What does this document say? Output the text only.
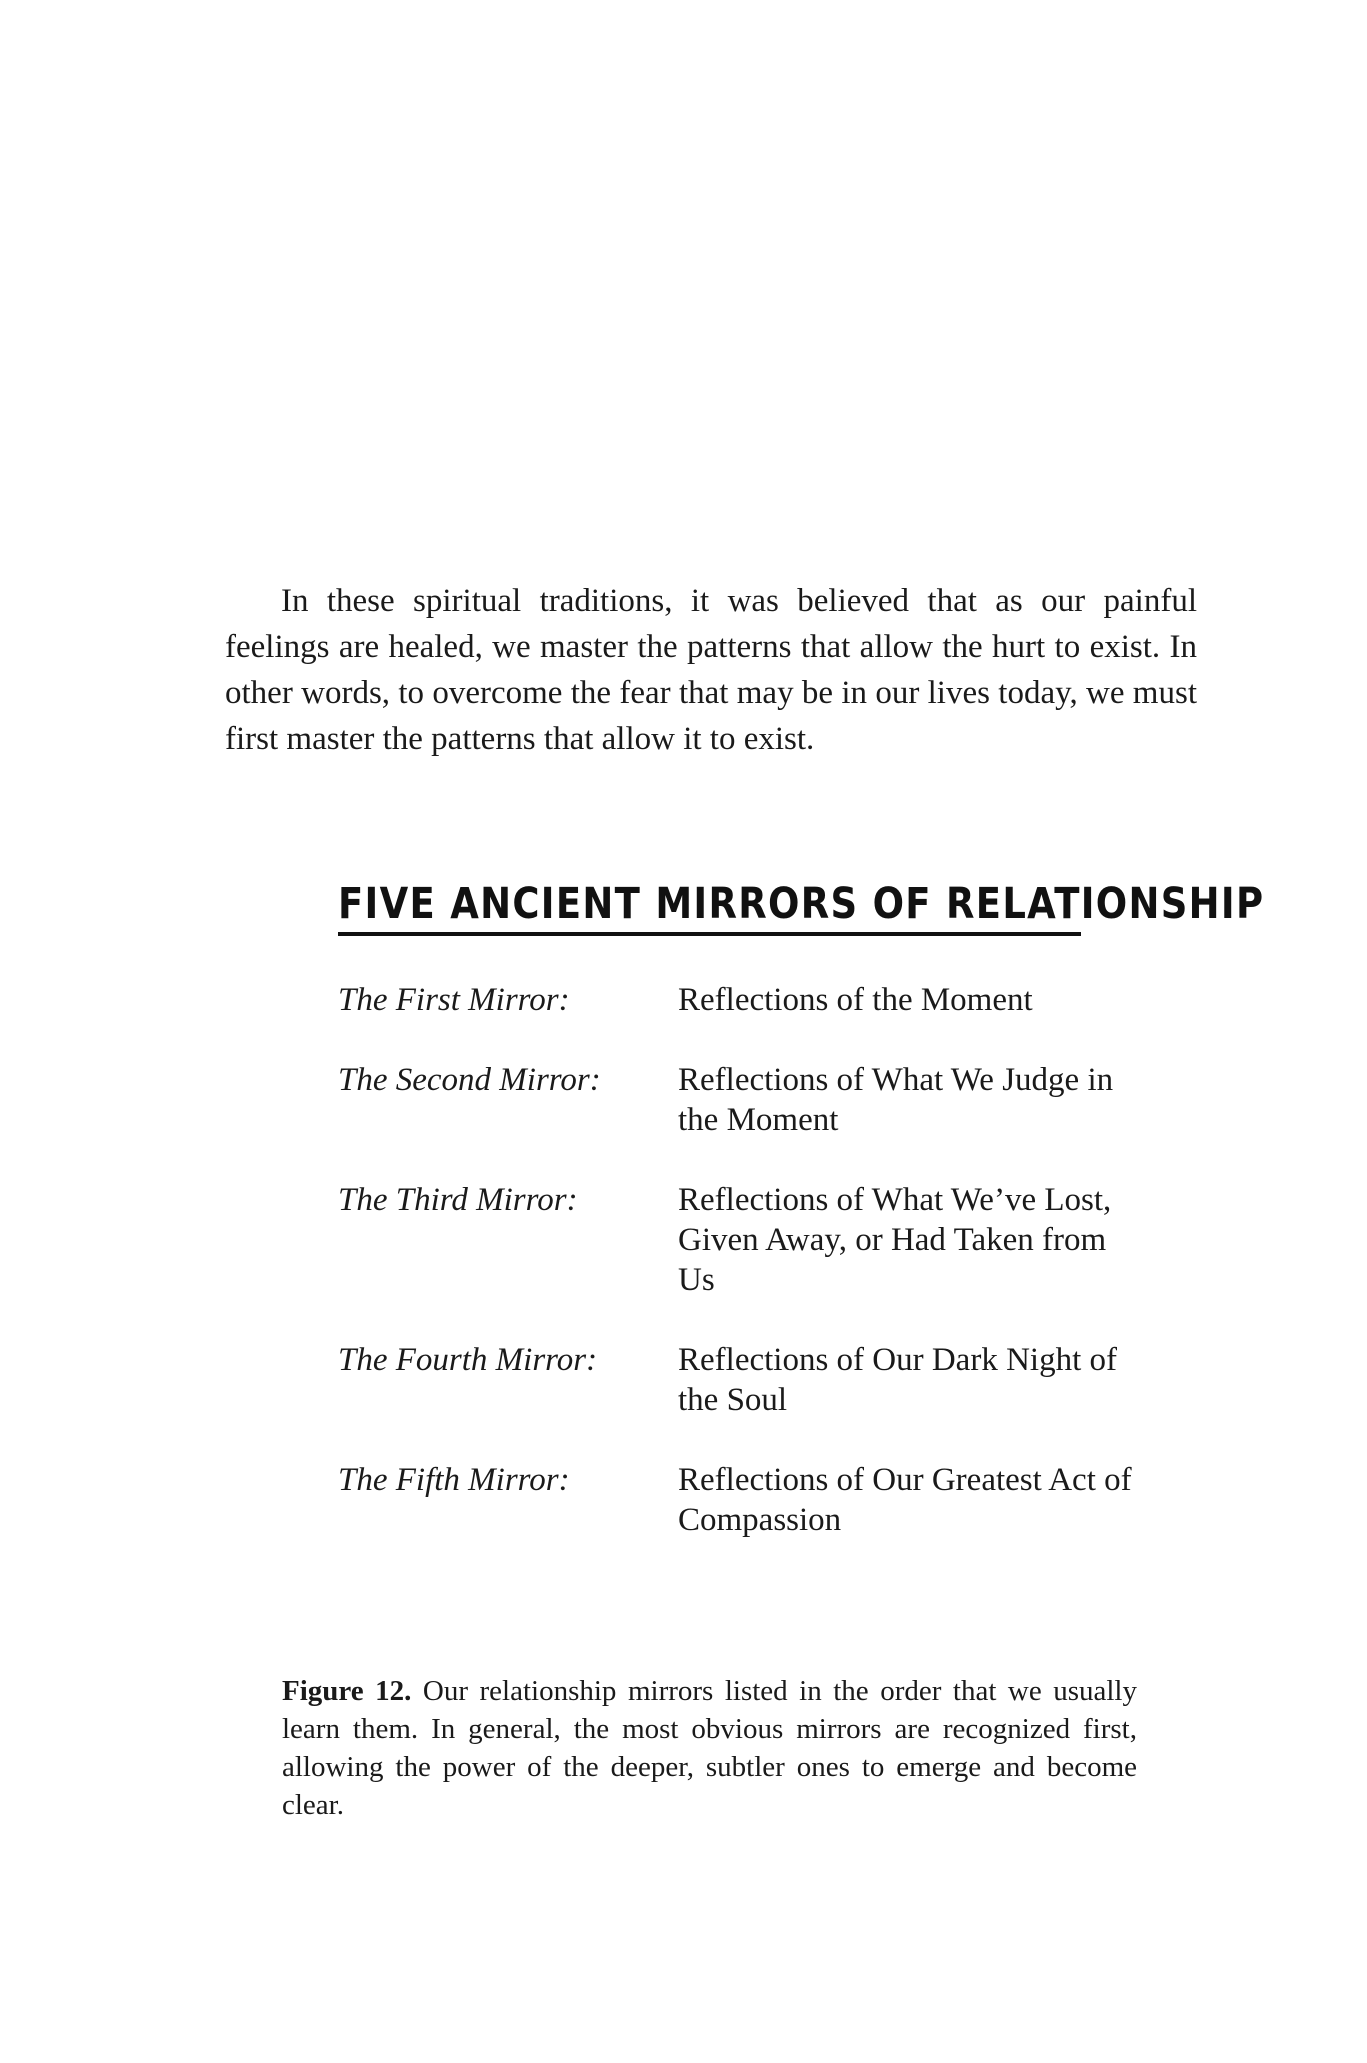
In these spiritual traditions, it was believed that as our painful feelings are healed, we master the patterns that allow the hurt to exist. In other words, to overcome the fear that may be in our lives today, we must first master the patterns that allow it to exist.

FIVE ANCIENT MIRRORS OF RELATIONSHIP
The First Mirror:	Reflections of the Moment
The Second Mirror:	Reflections of What We Judge in the Moment
The Third Mirror:	Reflections of What We’ve Lost, Given Away, or Had Taken from Us
The Fourth Mirror:	Reflections of Our Dark Night of the Soul
The Fifth Mirror:	Reflections of Our Greatest Act of Compassion

Figure 12. Our relationship mirrors listed in the order that we usually learn them. In general, the most obvious mirrors are recognized first, allowing the power of the deeper, subtler ones to emerge and become clear.
